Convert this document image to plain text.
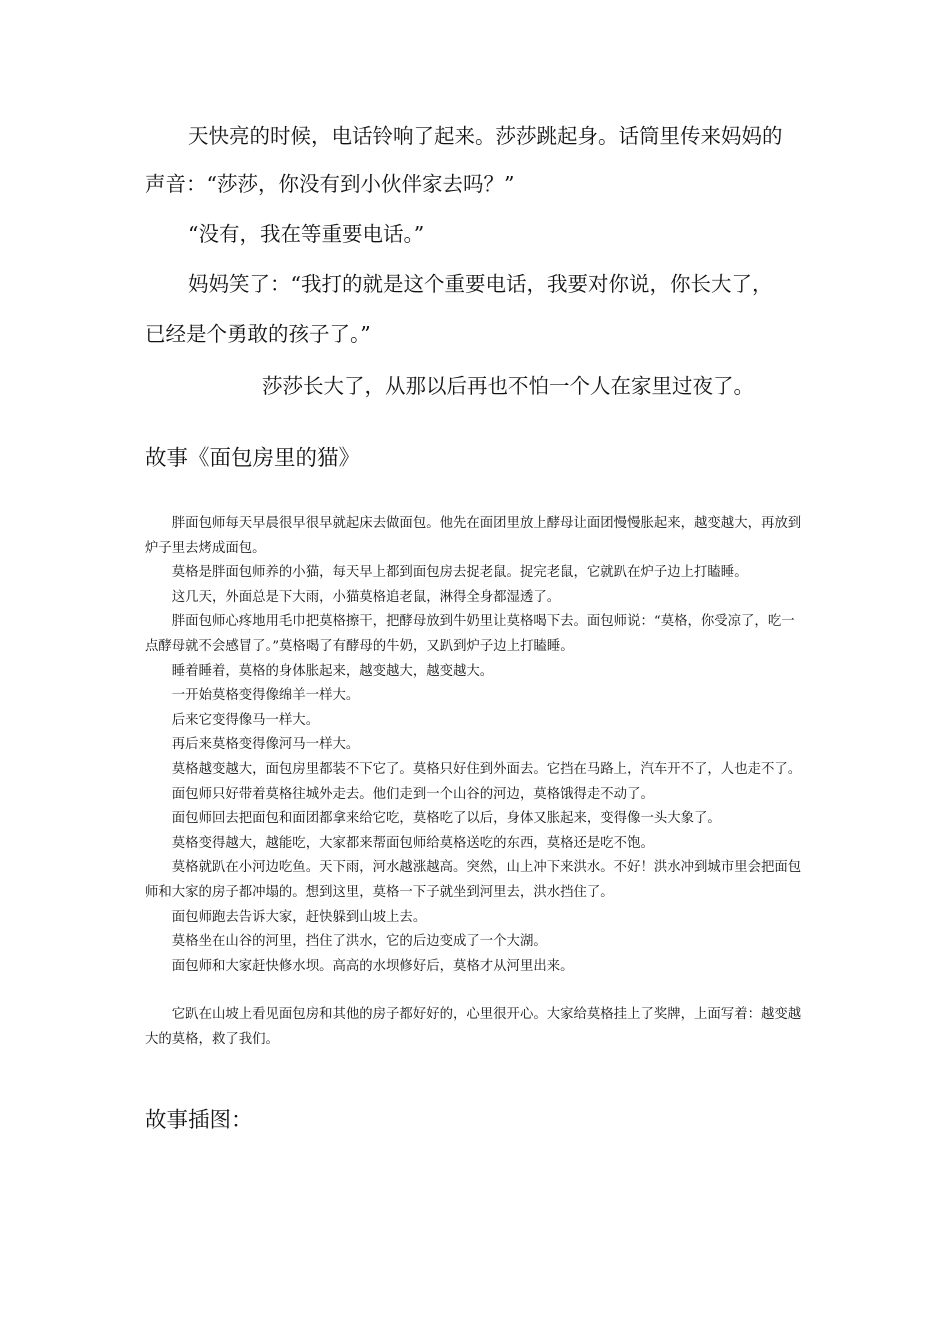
天快亮的时候，电话铃响了起来。莎莎跳起身。话筒里传来妈妈的

声音：“莎莎，你没有到小伙伴家去吗？”

“没有，我在等重要电话。”

妈妈笑了：“我打的就是这个重要电话，我要对你说，你长大了，

已经是个勇敢的孩子了。”

莎莎长大了，从那以后再也不怕一个人在家里过夜了。

故事《面包房里的猫》

胖面包师每天早晨很早很早就起床去做面包。他先在面团里放上酵母让面团慢慢胀起来，越变越大，再放到炉子里去烤成面包。

莫格是胖面包师养的小猫，每天早上都到面包房去捉老鼠。捉完老鼠，它就趴在炉子边上打瞌睡。

这几天，外面总是下大雨，小猫莫格追老鼠，淋得全身都湿透了。

胖面包师心疼地用毛巾把莫格擦干，把酵母放到牛奶里让莫格喝下去。面包师说：“莫格，你受凉了，吃一点酵母就不会感冒了。”莫格喝了有酵母的牛奶，又趴到炉子边上打瞌睡。

睡着睡着，莫格的身体胀起来，越变越大，越变越大。

一开始莫格变得像绵羊一样大。

后来它变得像马一样大。

再后来莫格变得像河马一样大。

莫格越变越大，面包房里都装不下它了。莫格只好住到外面去。它挡在马路上，汽车开不了，人也走不了。

面包师只好带着莫格往城外走去。他们走到一个山谷的河边，莫格饿得走不动了。

面包师回去把面包和面团都拿来给它吃，莫格吃了以后，身体又胀起来，变得像一头大象了。

莫格变得越大，越能吃，大家都来帮面包师给莫格送吃的东西，莫格还是吃不饱。

莫格就趴在小河边吃鱼。天下雨，河水越涨越高。突然，山上冲下来洪水。不好！洪水冲到城市里会把面包师和大家的房子都冲塌的。想到这里，莫格一下子就坐到河里去，洪水挡住了。

面包师跑去告诉大家，赶快躲到山坡上去。

莫格坐在山谷的河里，挡住了洪水，它的后边变成了一个大湖。

面包师和大家赶快修水坝。高高的水坝修好后，莫格才从河里出来。

它趴在山坡上看见面包房和其他的房子都好好的，心里很开心。大家给莫格挂上了奖牌，上面写着：越变越大的莫格，救了我们。

故事插图：
